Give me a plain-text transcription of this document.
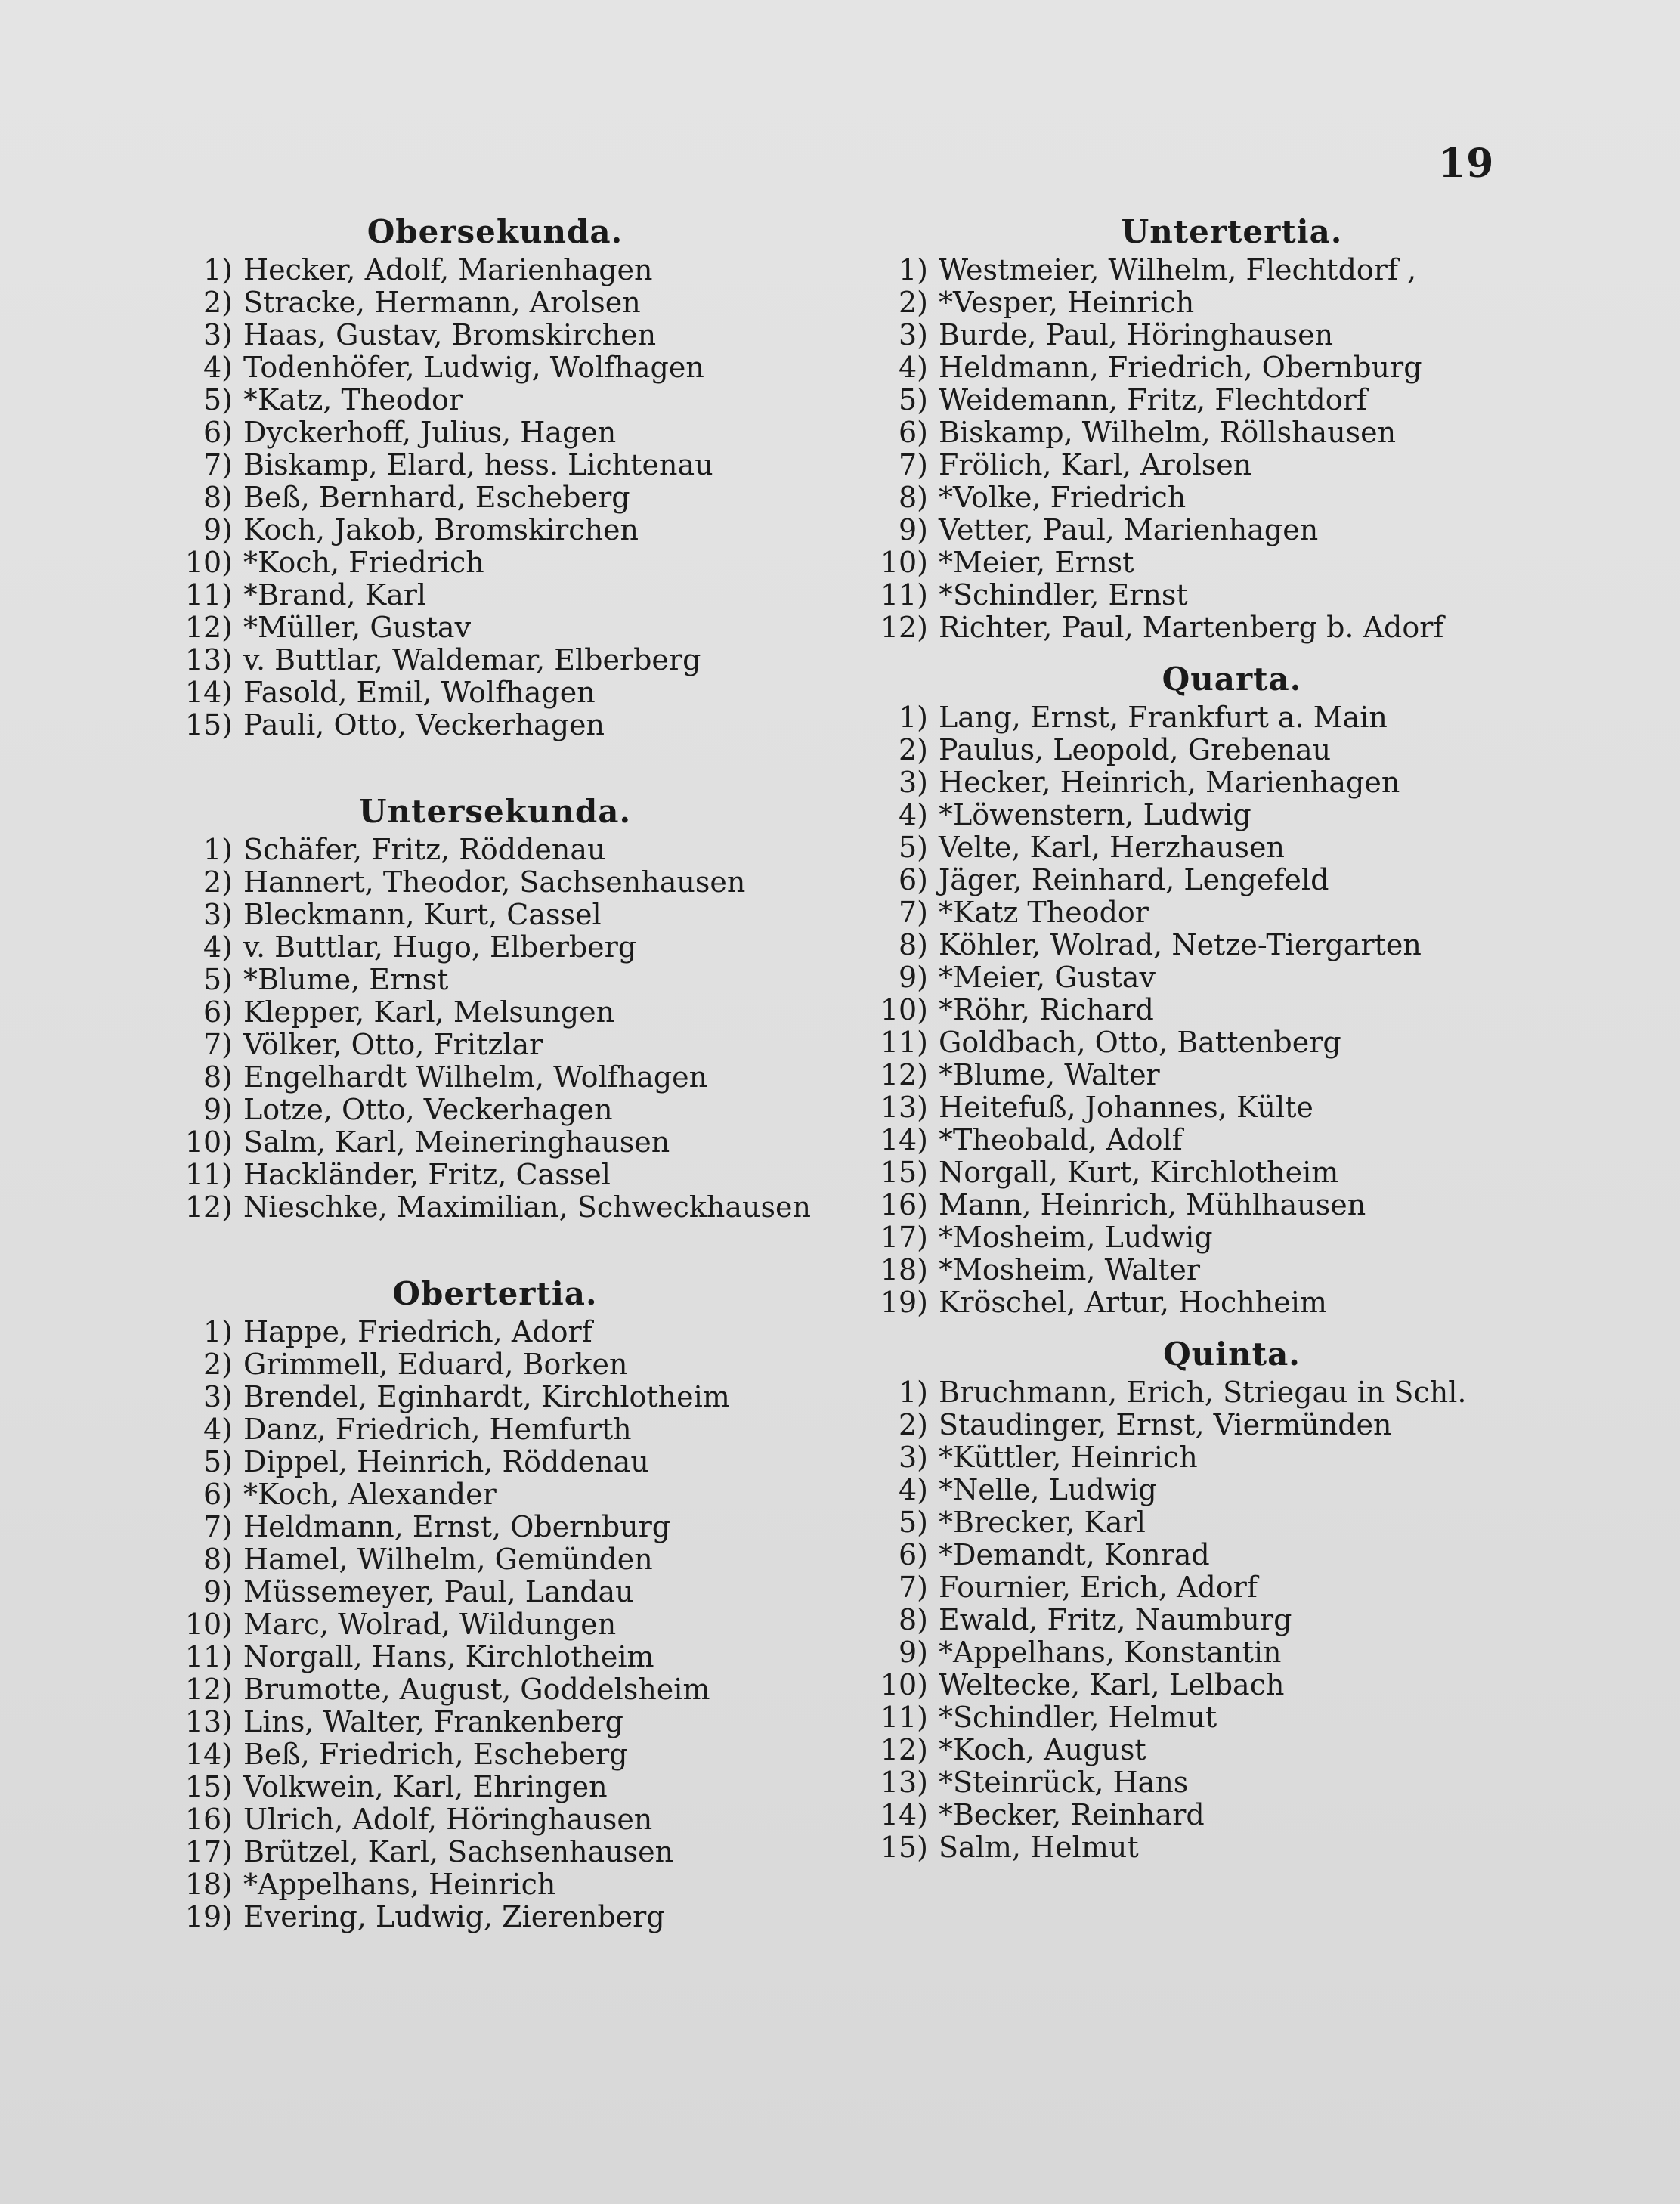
19
Obersekunda.
1) Hecker, Adolf, Marienhagen
2) Stracke, Hermann, Arolsen
3) Haas, Gustav, Bromskirchen
4) Todenhöfer, Ludwig, Wolfhagen
5) *Katz, Theodor
6) Dyckerhoff, Julius, Hagen
7) Biskamp, Elard, hess. Lichtenau
8) Beß, Bernhard, Escheberg
9) Koch, Jakob, Bromskirchen
10) *Koch, Friedrich
11) *Brand, Karl
12) *Müller, Gustav
13) v. Buttlar, Waldemar, Elberberg
14) Fasold, Emil, Wolfhagen
15) Pauli, Otto, Veckerhagen
Untersekunda.
1) Schäfer, Fritz, Röddenau
2) Hannert, Theodor, Sachsenhausen
3) Bleckmann, Kurt, Cassel
4) v. Buttlar, Hugo, Elberberg
5) *Blume, Ernst
6) Klepper, Karl, Melsungen
7) Völker, Otto, Fritzlar
8) Engelhardt Wilhelm, Wolfhagen
9) Lotze, Otto, Veckerhagen
10) Salm, Karl, Meineringhausen
11) Hackländer, Fritz, Cassel
12) Nieschke, Maximilian, Schweckhausen
Obertertia.
1) Happe, Friedrich, Adorf
2) Grimmell, Eduard, Borken
3) Brendel, Eginhardt, Kirchlotheim
4) Danz, Friedrich, Hemfurth
5) Dippel, Heinrich, Röddenau
6) *Koch, Alexander
7) Heldmann, Ernst, Obernburg
8) Hamel, Wilhelm, Gemünden
9) Müssemeyer, Paul, Landau
10) Marc, Wolrad, Wildungen
11) Norgall, Hans, Kirchlotheim
12) Brumotte, August, Goddelsheim
13) Lins, Walter, Frankenberg
14) Beß, Friedrich, Escheberg
15) Volkwein, Karl, Ehringen
16) Ulrich, Adolf, Höringhausen
17) Brützel, Karl, Sachsenhausen
18) *Appelhans, Heinrich
19) Evering, Ludwig, Zierenberg
Untertertia.
1) Westmeier, Wilhelm, Flechtdorf ,
2) *Vesper, Heinrich
3) Burde, Paul, Höringhausen
4) Heldmann, Friedrich, Obernburg
5) Weidemann, Fritz, Flechtdorf
6) Biskamp, Wilhelm, Röllshausen
7) Frölich, Karl, Arolsen
8) *Volke, Friedrich
9) Vetter, Paul, Marienhagen
10) *Meier, Ernst
11) *Schindler, Ernst
12) Richter, Paul, Martenberg b. Adorf
Quarta.
1) Lang, Ernst, Frankfurt a. Main
2) Paulus, Leopold, Grebenau
3) Hecker, Heinrich, Marienhagen
4) *Löwenstern, Ludwig
5) Velte, Karl, Herzhausen
6) Jäger, Reinhard, Lengefeld
7) *Katz Theodor
8) Köhler, Wolrad, Netze-Tiergarten
9) *Meier, Gustav
10) *Röhr, Richard
11) Goldbach, Otto, Battenberg
12) *Blume, Walter
13) Heitefuß, Johannes, Külte
14) *Theobald, Adolf
15) Norgall, Kurt, Kirchlotheim
16) Mann, Heinrich, Mühlhausen
17) *Mosheim, Ludwig
18) *Mosheim, Walter
19) Kröschel, Artur, Hochheim
Quinta.
1) Bruchmann, Erich, Striegau in Schl.
2) Staudinger, Ernst, Viermünden
3) *Küttler, Heinrich
4) *Nelle, Ludwig
5) *Brecker, Karl
6) *Demandt, Konrad
7) Fournier, Erich, Adorf
8) Ewald, Fritz, Naumburg
9) *Appelhans, Konstantin
10) Weltecke, Karl, Lelbach
11) *Schindler, Helmut
12) *Koch, August
13) *Steinrück, Hans
14) *Becker, Reinhard
15) Salm, Helmut
